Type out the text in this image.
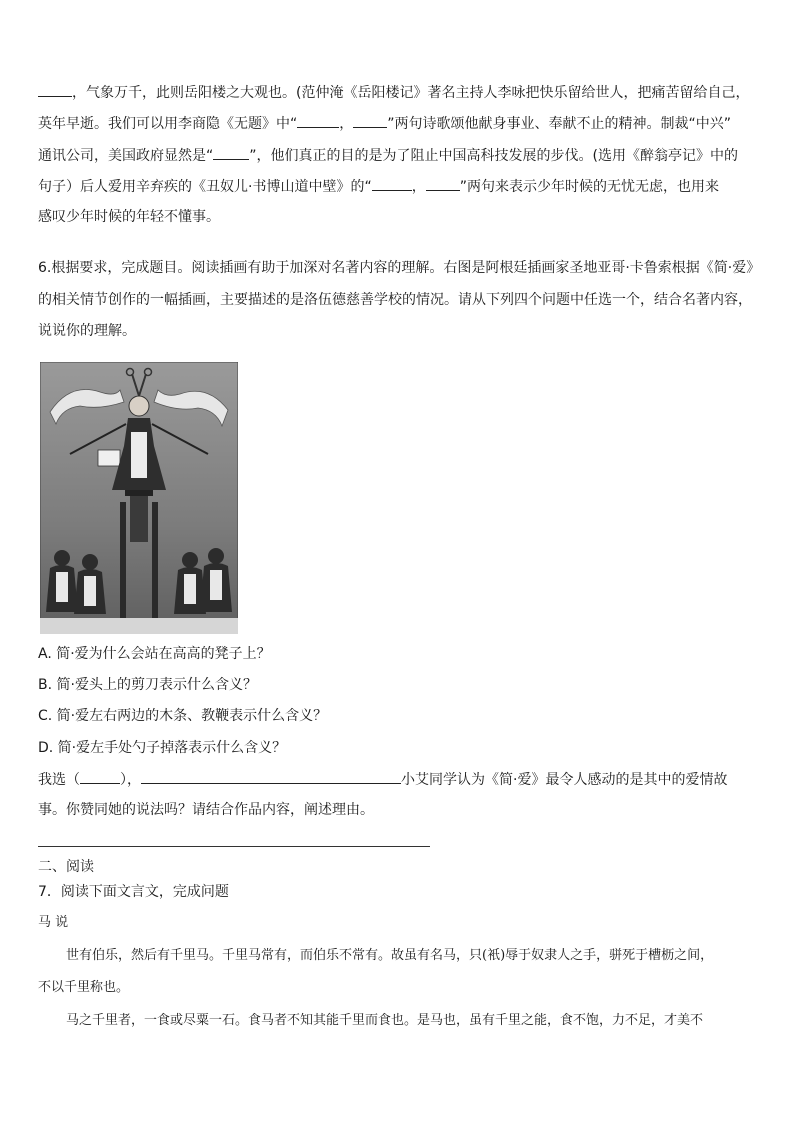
，气象万千，此则岳阳楼之大观也。(范仲淹《岳阳楼记》著名主持人李咏把快乐留给世人，把痛苦留给自己，
英年早逝。我们可以用李商隐《无题》中“	， ”两句诗歌颂他献身事业、奉献不止的精神。制裁“中兴”
通讯公司，美国政府显然是“	”，他们真正的目的是为了阻止中国高科技发展的步伐。(选用《醉翁亭记》中的
句子）后人爱用辛弃疾的《丑奴儿·书博山道中壁》的“	， ”两句来表示少年时候的无忧无虑，也用来
感叹少年时候的年轻不懂事。
6.根据要求，完成题目。阅读插画有助于加深对名著内容的理解。右图是阿根廷插画家圣地亚哥·卡鲁索根据《简·爱》
的相关情节创作的一幅插画，主要描述的是洛伍德慈善学校的情况。请从下列四个问题中任选一个，结合名著内容，
说说你的理解。
A. 简·爱为什么会站在高高的凳子上？
B. 简·爱头上的剪刀表示什么含义？
C. 简·爱左右两边的木条、教鞭表示什么含义？
D. 简·爱左手处勺子掉落表示什么含义？
我选（	），	小艾同学认为《简·爱》最令人感动的是其中的爱情故
事。你赞同她的说法吗？请结合作品内容，阐述理由。
二、阅读
7．阅读下面文言文，完成问题
马 说
世有伯乐，然后有千里马。千里马常有，而伯乐不常有。故虽有名马，只(衹)辱于奴隶人之手，骈死于槽枥之间，
不以千里称也。
马之千里者，一食或尽粟一石。食马者不知其能千里而食也。是马也，虽有千里之能，食不饱，力不足，才美不
